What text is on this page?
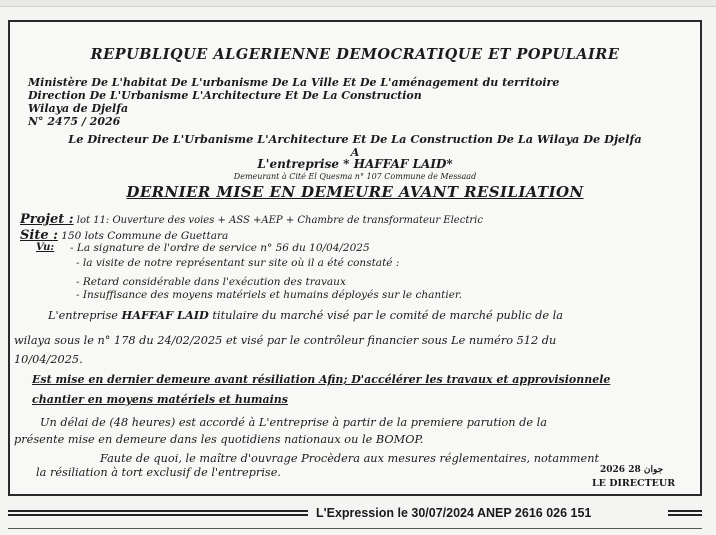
REPUBLIQUE ALGERIENNE DEMOCRATIQUE ET POPULAIRE
Ministère De L'habitat De L'urbanisme De La Ville Et De L'aménagement du territoire
Direction De L'Urbanisme L'Architecture Et De La Construction
Wilaya de Djelfa
N° 2475 / 2026
Le Directeur De L'Urbanisme L'Architecture Et De La Construction De La Wilaya De Djelfa
A
L'entreprise * HAFFAF LAID*
Demeurant à Cité El Quesma n° 107 Commune de Messaad
DERNIER MISE EN DEMEURE AVANT RESILIATION
Projet : lot 11: Ouverture des voies + ASS +AEP + Chambre de transformateur Electric
Site : 150 lots Commune de Guettara
Vu: - La signature de l'ordre de service n° 56 du 10/04/2025
- la visite de notre représentant sur site où il a été constaté :
- Retard considérable dans l'exécution des travaux
- Insuffisance des moyens matériels et humains déployés sur le chantier.
L'entreprise HAFFAF LAID titulaire du marché visé par le comité de marché public de la
wilaya sous le n° 178 du 24/02/2025 et visé par le contrôleur financier sous Le numéro 512 du
10/04/2025.
Est mise en dernier demeure avant résiliation Afin; D'accélérer les travaux et approvisionnele
chantier en moyens matériels et humains
Un délai de (48 heures) est accordé à L'entreprise à partir de la premiere parution de la
présente mise en demeure dans les quotidiens nationaux ou le BOMOP.
Faute de quoi, le maître d'ouvrage Procèdera aux mesures réglementaires, notamment
la résiliation à tort exclusif de l'entreprise.	2026 جوان 28
LE DIRECTEUR
L'Expression le 30/07/2024 ANEP 2616 026 151
